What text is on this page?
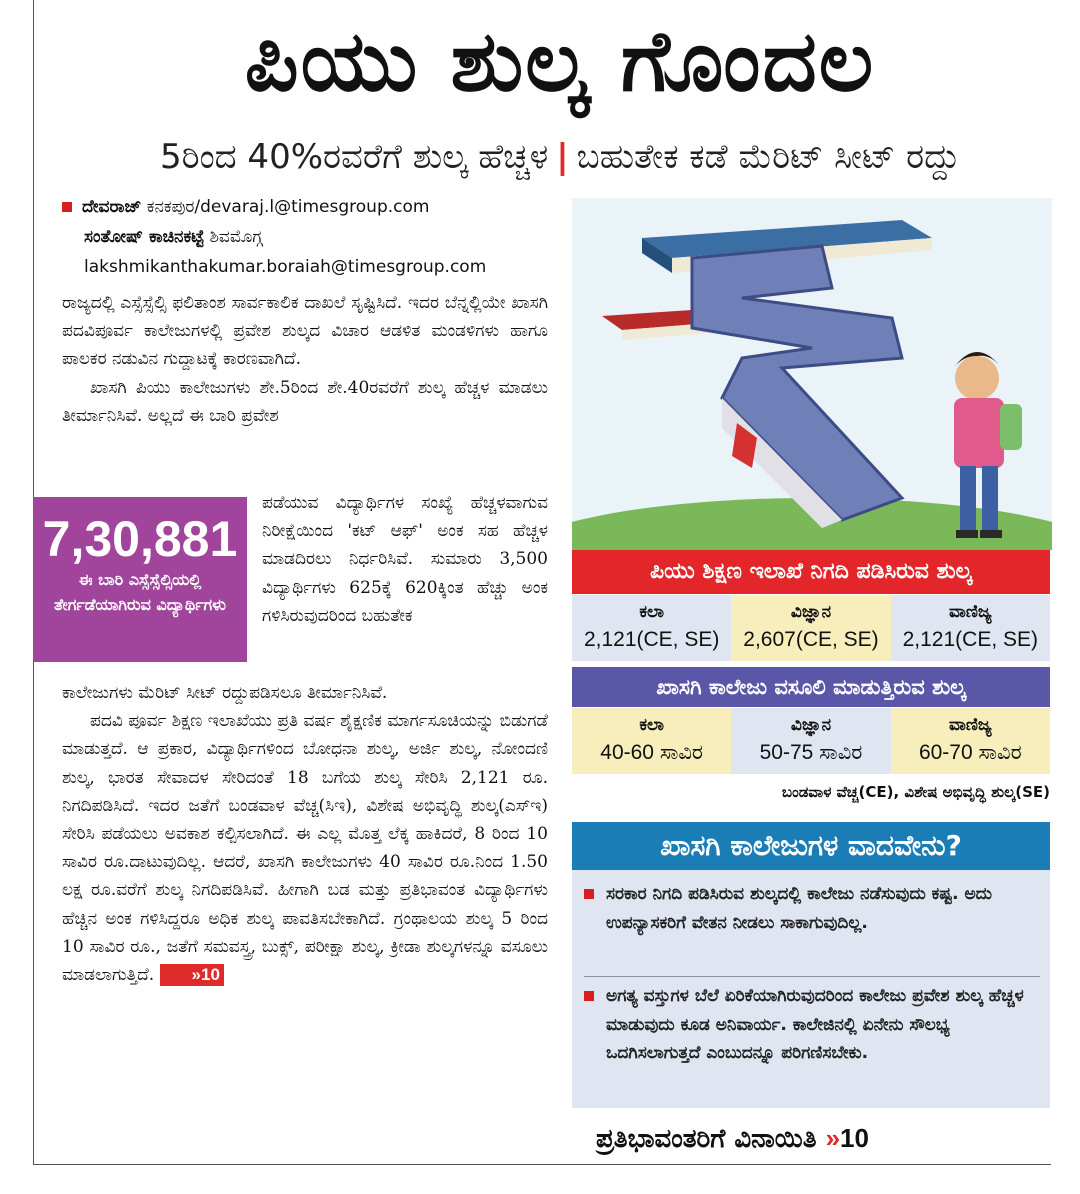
ಪಿಯು ಶುಲ್ಕ ಗೊಂದಲ
5ರಿಂದ 40%ರವರೆಗೆ ಶುಲ್ಕ ಹೆಚ್ಚಳ | ಬಹುತೇಕ ಕಡೆ ಮೆರಿಟ್ ಸೀಟ್ ರದ್ದು
ದೇವರಾಜ್ ಕನಕಪುರ/devaraj.l@timesgroup.com
ಸಂತೋಷ್ ಕಾಚಿನಕಟ್ಟೆ ಶಿವಮೊಗ್ಗ
lakshmikanthakumar.boraiah@timesgroup.com
ರಾಜ್ಯದಲ್ಲಿ ಎಸ್ಸೆಸ್ಸೆಲ್ಸಿ ಫಲಿತಾಂಶ ಸಾರ್ವಕಾಲಿಕ ದಾಖಲೆ ಸೃಷ್ಟಿಸಿದೆ. ಇದರ ಬೆನ್ನಲ್ಲಿಯೇ ಖಾಸಗಿ ಪದವಿಪೂರ್ವ ಕಾಲೇಜುಗಳಲ್ಲಿ ಪ್ರವೇಶ ಶುಲ್ಕದ ವಿಚಾರ ಆಡಳಿತ ಮಂಡಳಿಗಳು ಹಾಗೂ ಪಾಲಕರ ನಡುವಿನ ಗುದ್ದಾಟಕ್ಕೆ ಕಾರಣವಾಗಿದೆ.
ಖಾಸಗಿ ಪಿಯು ಕಾಲೇಜುಗಳು ಶೇ.5ರಿಂದ ಶೇ.40ರವರೆಗೆ ಶುಲ್ಕ ಹೆಚ್ಚಳ ಮಾಡಲು ತೀರ್ಮಾನಿಸಿವೆ. ಅಲ್ಲದೆ ಈ ಬಾರಿ ಪ್ರವೇಶ
7,30,881
ಈ ಬಾರಿ ಎಸ್ಸೆಸ್ಸೆಲ್ಸಿಯಲ್ಲಿ ತೇರ್ಗಡೆಯಾಗಿರುವ ವಿದ್ಯಾರ್ಥಿಗಳು
ಪಡೆಯುವ ವಿದ್ಯಾರ್ಥಿಗಳ ಸಂಖ್ಯೆ ಹೆಚ್ಚಳವಾಗುವ ನಿರೀಕ್ಷೆಯಿಂದ 'ಕಟ್ ಆಫ್' ಅಂಕ ಸಹ ಹೆಚ್ಚಳ ಮಾಡದಿರಲು ನಿರ್ಧರಿಸಿವೆ. ಸುಮಾರು 3,500 ವಿದ್ಯಾರ್ಥಿಗಳು 625ಕ್ಕೆ 620ಕ್ಕಿಂತ ಹೆಚ್ಚು ಅಂಕ ಗಳಿಸಿರುವುದರಿಂದ ಬಹುತೇಕ
ಕಾಲೇಜುಗಳು ಮೆರಿಟ್ ಸೀಟ್ ರದ್ದುಪಡಿಸಲೂ ತೀರ್ಮಾನಿಸಿವೆ.
ಪದವಿ ಪೂರ್ವ ಶಿಕ್ಷಣ ಇಲಾಖೆಯು ಪ್ರತಿ ವರ್ಷ ಶೈಕ್ಷಣಿಕ ಮಾರ್ಗಸೂಚಿಯನ್ನು ಬಿಡುಗಡೆ ಮಾಡುತ್ತದೆ. ಆ ಪ್ರಕಾರ, ವಿದ್ಯಾರ್ಥಿಗಳಿಂದ ಬೋಧನಾ ಶುಲ್ಕ, ಅರ್ಜಿ ಶುಲ್ಕ, ನೋಂದಣಿ ಶುಲ್ಕ, ಭಾರತ ಸೇವಾದಳ ಸೇರಿದಂತೆ 18 ಬಗೆಯ ಶುಲ್ಕ ಸೇರಿಸಿ 2,121 ರೂ. ನಿಗದಿಪಡಿಸಿದೆ. ಇದರ ಜತೆಗೆ ಬಂಡವಾಳ ವೆಚ್ಚ(ಸಿಇ), ವಿಶೇಷ ಅಭಿವೃದ್ಧಿ ಶುಲ್ಕ(ಎಸ್‌ಇ) ಸೇರಿಸಿ ಪಡೆಯಲು ಅವಕಾಶ ಕಲ್ಪಿಸಲಾಗಿದೆ. ಈ ಎಲ್ಲ ಮೊತ್ತ ಲೆಕ್ಕ ಹಾಕಿದರೆ, 8 ರಿಂದ 10 ಸಾವಿರ ರೂ.ದಾಟುವುದಿಲ್ಲ. ಆದರೆ, ಖಾಸಗಿ ಕಾಲೇಜುಗಳು 40 ಸಾವಿರ ರೂ.ನಿಂದ 1.50 ಲಕ್ಷ ರೂ.ವರೆಗೆ ಶುಲ್ಕ ನಿಗದಿಪಡಿಸಿವೆ. ಹೀಗಾಗಿ ಬಡ ಮತ್ತು ಪ್ರತಿಭಾವಂತ ವಿದ್ಯಾರ್ಥಿಗಳು ಹೆಚ್ಚಿನ ಅಂಕ ಗಳಿಸಿದ್ದರೂ ಅಧಿಕ ಶುಲ್ಕ ಪಾವತಿಸಬೇಕಾಗಿದೆ. ಗ್ರಂಥಾಲಯ ಶುಲ್ಕ 5 ರಿಂದ 10 ಸಾವಿರ ರೂ., ಜತೆಗೆ ಸಮವಸ್ತ್ರ, ಬುಕ್ಸ್, ಪರೀಕ್ಷಾ ಶುಲ್ಕ, ಕ್ರೀಡಾ ಶುಲ್ಕಗಳನ್ನೂ ವಸೂಲು ಮಾಡಲಾಗುತ್ತಿದೆ. »10
ಪಿಯು ಶಿಕ್ಷಣ ಇಲಾಖೆ ನಿಗದಿ ಪಡಿಸಿರುವ ಶುಲ್ಕ
ಕಲಾ
2,121(CE, SE)
ವಿಜ್ಞಾನ
2,607(CE, SE)
ವಾಣಿಜ್ಯ
2,121(CE, SE)
ಖಾಸಗಿ ಕಾಲೇಜು ವಸೂಲಿ ಮಾಡುತ್ತಿರುವ ಶುಲ್ಕ
ಕಲಾ
40-60 ಸಾವಿರ
ವಿಜ್ಞಾನ
50-75 ಸಾವಿರ
ವಾಣಿಜ್ಯ
60-70 ಸಾವಿರ
ಬಂಡವಾಳ ವೆಚ್ಚ(CE), ವಿಶೇಷ ಅಭಿವೃದ್ಧಿ ಶುಲ್ಕ(SE)
ಖಾಸಗಿ ಕಾಲೇಜುಗಳ ವಾದವೇನು?
ಸರಕಾರ ನಿಗದಿ ಪಡಿಸಿರುವ ಶುಲ್ಕದಲ್ಲಿ ಕಾಲೇಜು ನಡೆಸುವುದು ಕಷ್ಟ. ಅದು ಉಪನ್ಯಾಸಕರಿಗೆ ವೇತನ ನೀಡಲು ಸಾಕಾಗುವುದಿಲ್ಲ.
ಅಗತ್ಯ ವಸ್ತುಗಳ ಬೆಲೆ ಏರಿಕೆಯಾಗಿರುವುದರಿಂದ ಕಾಲೇಜು ಪ್ರವೇಶ ಶುಲ್ಕ ಹೆಚ್ಚಳ ಮಾಡುವುದು ಕೂಡ ಅನಿವಾರ್ಯ. ಕಾಲೇಜಿನಲ್ಲಿ ಏನೇನು ಸೌಲಭ್ಯ ಒದಗಿಸಲಾಗುತ್ತದೆ ಎಂಬುದನ್ನೂ ಪರಿಗಣಿಸಬೇಕು.
ಪ್ರತಿಭಾವಂತರಿಗೆ ವಿನಾಯಿತಿ »10
